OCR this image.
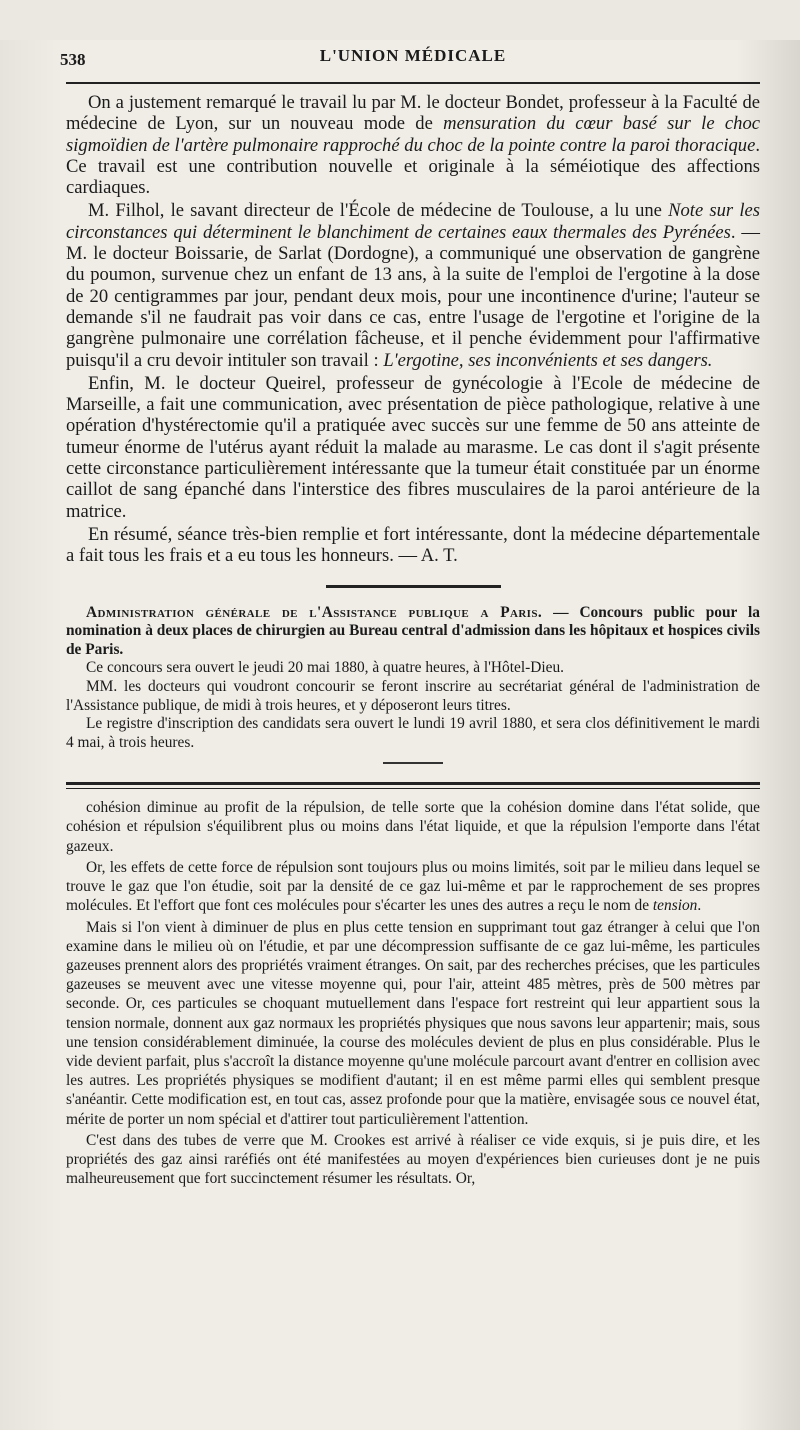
538	L'UNION MÉDICALE

On a justement remarqué le travail lu par M. le docteur Bondet, professeur à la Faculté de médecine de Lyon, sur un nouveau mode de mensuration du cœur basé sur le choc sigmoïdien de l'artère pulmonaire rapproché du choc de la pointe contre la paroi thoracique. Ce travail est une contribution nouvelle et originale à la séméiotique des affections cardiaques.

M. Filhol, le savant directeur de l'École de médecine de Toulouse, a lu une Note sur les circonstances qui déterminent le blanchiment de certaines eaux thermales des Pyrénées. — M. le docteur Boissarie, de Sarlat (Dordogne), a communiqué une observation de gangrène du poumon, survenue chez un enfant de 13 ans, à la suite de l'emploi de l'ergotine à la dose de 20 centigrammes par jour, pendant deux mois, pour une incontinence d'urine; l'auteur se demande s'il ne faudrait pas voir dans ce cas, entre l'usage de l'ergotine et l'origine de la gangrène pulmonaire une corrélation fâcheuse, et il penche évidemment pour l'affirmative puisqu'il a cru devoir intituler son travail : L'ergotine, ses inconvénients et ses dangers.

Enfin, M. le docteur Queirel, professeur de gynécologie à l'Ecole de médecine de Marseille, a fait une communication, avec présentation de pièce pathologique, relative à une opération d'hystérectomie qu'il a pratiquée avec succès sur une femme de 50 ans atteinte de tumeur énorme de l'utérus ayant réduit la malade au marasme. Le cas dont il s'agit présente cette circonstance particulièrement intéressante que la tumeur était constituée par un énorme caillot de sang épanché dans l'interstice des fibres musculaires de la paroi antérieure de la matrice.

En résumé, séance très-bien remplie et fort intéressante, dont la médecine départementale a fait tous les frais et a eu tous les honneurs. — A. T.

Administration générale de l'Assistance publique a Paris. — Concours public pour la nomination à deux places de chirurgien au Bureau central d'admission dans les hôpitaux et hospices civils de Paris.

Ce concours sera ouvert le jeudi 20 mai 1880, à quatre heures, à l'Hôtel-Dieu.

MM. les docteurs qui voudront concourir se feront inscrire au secrétariat général de l'administration de l'Assistance publique, de midi à trois heures, et y déposeront leurs titres.

Le registre d'inscription des candidats sera ouvert le lundi 19 avril 1880, et sera clos définitivement le mardi 4 mai, à trois heures.

cohésion diminue au profit de la répulsion, de telle sorte que la cohésion domine dans l'état solide, que cohésion et répulsion s'équilibrent plus ou moins dans l'état liquide, et que la répulsion l'emporte dans l'état gazeux.

Or, les effets de cette force de répulsion sont toujours plus ou moins limités, soit par le milieu dans lequel se trouve le gaz que l'on étudie, soit par la densité de ce gaz lui-même et par le rapprochement de ses propres molécules. Et l'effort que font ces molécules pour s'écarter les unes des autres a reçu le nom de tension.

Mais si l'on vient à diminuer de plus en plus cette tension en supprimant tout gaz étranger à celui que l'on examine dans le milieu où on l'étudie, et par une décompression suffisante de ce gaz lui-même, les particules gazeuses prennent alors des propriétés vraiment étranges. On sait, par des recherches précises, que les particules gazeuses se meuvent avec une vitesse moyenne qui, pour l'air, atteint 485 mètres, près de 500 mètres par seconde. Or, ces particules se choquant mutuellement dans l'espace fort restreint qui leur appartient sous la tension normale, donnent aux gaz normaux les propriétés physiques que nous savons leur appartenir; mais, sous une tension considérablement diminuée, la course des molécules devient de plus en plus considérable. Plus le vide devient parfait, plus s'accroît la distance moyenne qu'une molécule parcourt avant d'entrer en collision avec les autres. Les propriétés physiques se modifient d'autant; il en est même parmi elles qui semblent presque s'anéantir. Cette modification est, en tout cas, assez profonde pour que la matière, envisagée sous ce nouvel état, mérite de porter un nom spécial et d'attirer tout particulièrement l'attention.

C'est dans des tubes de verre que M. Crookes est arrivé à réaliser ce vide exquis, si je puis dire, et les propriétés des gaz ainsi raréfiés ont été manifestées au moyen d'expériences bien curieuses dont je ne puis malheureusement que fort succinctement résumer les résultats. Or,
